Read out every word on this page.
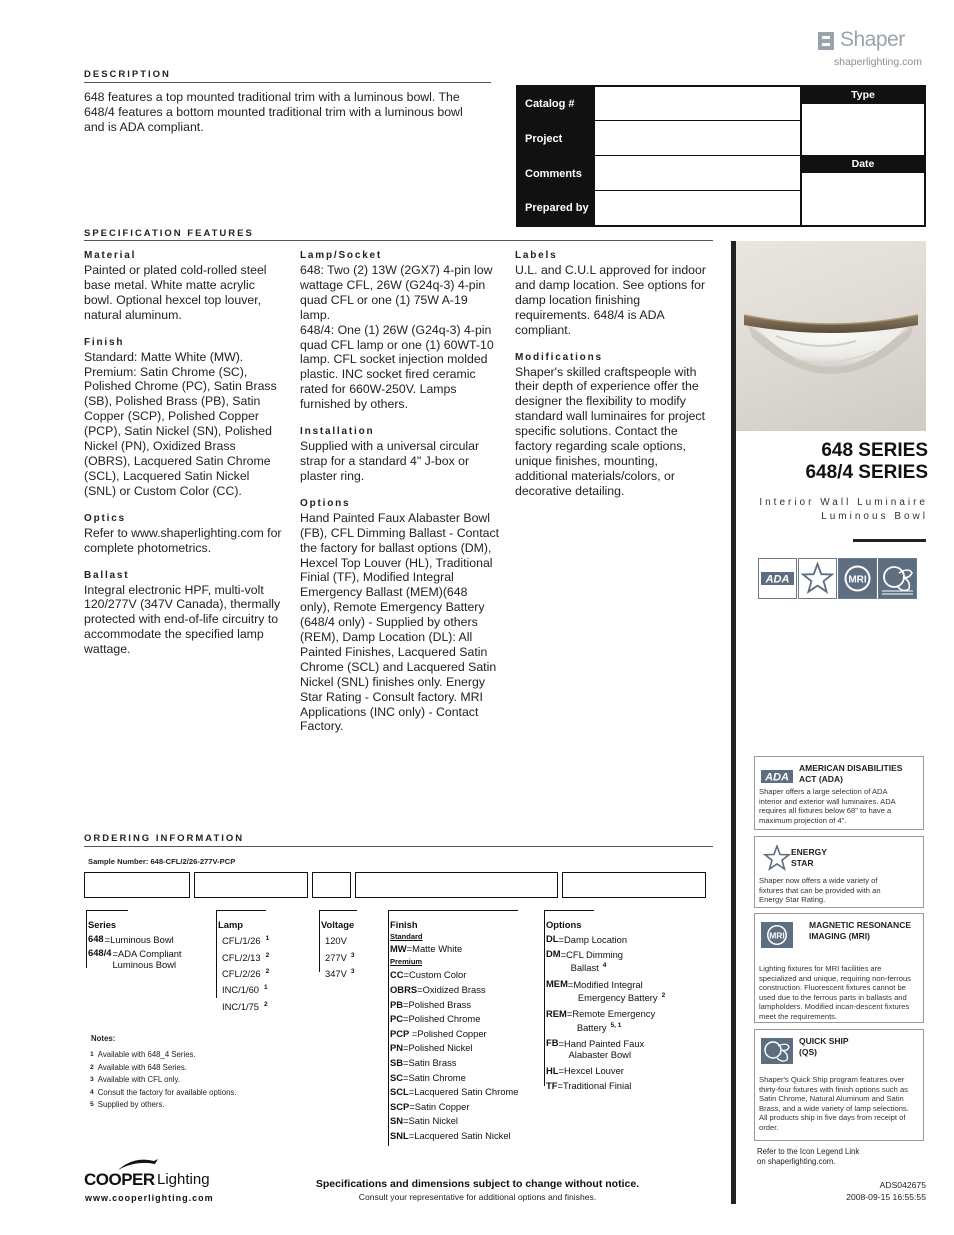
Shaper
shaperlighting.com
DESCRIPTION
648 features a top mounted traditional trim with a luminous bowl. The 648/4 features a bottom mounted traditional trim with a luminous bowl and is ADA compliant.
Catalog #
Project
Comments
Prepared by
Type
Date
SPECIFICATION FEATURES

Material

Painted or plated cold-rolled steel base metal. White matte acrylic bowl. Optional hexcel top louver, natural aluminum.

Finish

Standard: Matte White (MW). Premium: Satin Chrome (SC), Polished Chrome (PC), Satin Brass (SB), Polished Brass (PB), Satin Copper (SCP), Polished Copper (PCP), Satin Nickel (SN), Polished Nickel (PN), Oxidized Brass (OBRS), Lacquered Satin Chrome (SCL), Lacquered Satin Nickel (SNL) or Custom Color (CC).

Optics

Refer to www.shaperlighting.com for complete photometrics.

Ballast

Integral electronic HPF, multi-volt 120/277V (347V Canada), thermally protected with end-of-life circuitry to accommodate the specified lamp wattage.

Lamp/Socket

648: Two (2) 13W (2GX7) 4-pin low wattage CFL, 26W (G24q-3) 4-pin quad CFL or one (1) 75W A-19 lamp.
648/4: One (1) 26W (G24q-3) 4-pin quad CFL lamp or one (1) 60WT-10 lamp. CFL socket injection molded plastic. INC socket fired ceramic rated for 660W-250V. Lamps furnished by others.

Installation

Supplied with a universal circular strap for a standard 4" J-box or plaster ring.

Options

Hand Painted Faux Alabaster Bowl (FB), CFL Dimming Ballast - Contact the factory for ballast options (DM), Hexcel Top Louver (HL), Traditional Finial (TF), Modified Integral Emergency Ballast (MEM)(648 only), Remote Emergency Battery (648/4 only) - Supplied by others (REM), Damp Location (DL): All Painted Finishes, Lacquered Satin Chrome (SCL) and Lacquered Satin Nickel (SNL) finishes only. Energy Star Rating - Consult factory. MRI Applications (INC only) - Contact Factory.

Labels

U.L. and C.U.L approved for indoor and damp location. See options for damp location finishing requirements. 648/4 is ADA compliant.

Modifications

Shaper's skilled craftspeople with their depth of experience offer the designer the flexibility to modify standard wall luminaires for project specific solutions. Contact the factory regarding scale options, unique finishes, mounting, additional materials/colors, or decorative detailing.

648 SERIES
648/4 SERIES
Interior Wall Luminaire
Luminous Bowl
ADA	MRI
ADA
AMERICAN DISABILITIES ACT (ADA)
Shaper offers a large selection of ADA interior and exterior wall luminaires. ADA requires all fixtures below 68" to have a maximum projection of 4".
ENERGY STAR
Shaper now offers a wide variety of fixtures that can be provided with an Energy Star Rating.
MRI
MAGNETIC RESONANCE IMAGING (MRI)
Lighting fixtures for MRI facilities are specialized and unique, requiring non-ferrous construction. Fluorescent fixtures cannot be used due to the ferrous parts in ballasts and lampholders. Modified incan-descent fixtures meet the requirements.
QUICK SHIP (QS)
Shaper's Quick Ship program features over thirty-four fixtures with finish options such as Satin Chrome, Natural Aluminum and Satin Brass, and a wide variety of lamp selections. All products ship in five days from receipt of order.
Refer to the Icon Legend Link on shaperlighting.com.
ORDERING INFORMATION
Sample Number: 648-CFL/2/26-277V-PCP
Series
648 =Luminous Bowl
648/4 =ADA Compliant Luminous Bowl
Lamp
CFL/1/26 $^1$
CFL/2/13 $^2$
CFL/2/26 $^2$
INC/1/60 $^1$
INC/1/75 $^2$
Voltage
120V
277V $^3$
347V $^3$
Finish
Standard
MW=Matte White
Premium
CC=Custom Color
OBRS=Oxidized Brass
PB=Polished Brass
PC=Polished Chrome
PCP =Polished Copper
PN=Polished Nickel
SB=Satin Brass
SC=Satin Chrome
SCL=Lacquered Satin Chrome
SCP=Satin Copper
SN=Satin Nickel
SNL=Lacquered Satin Nickel
Options
DL =Damp Location
DM =CFL Dimming
Ballast $^4$
MEM =Modified Integral
Emergency Battery $^2$
REM =Remote Emergency
Battery $^{5, 1}$
FB =Hand Painted Faux
Alabaster Bowl
HL =Hexcel Louver
TF =Traditional Finial
Notes:
1 Available with 648_4 Series.
2 Available with 648 Series.
3 Available with CFL only.
4 Consult the factory for available options.
5 Supplied by others.
COOPER Lighting
www.cooperlighting.com
Specifications and dimensions subject to change without notice.
Consult your representative for additional options and finishes.
ADS042675
2008-09-15 16:55:55
